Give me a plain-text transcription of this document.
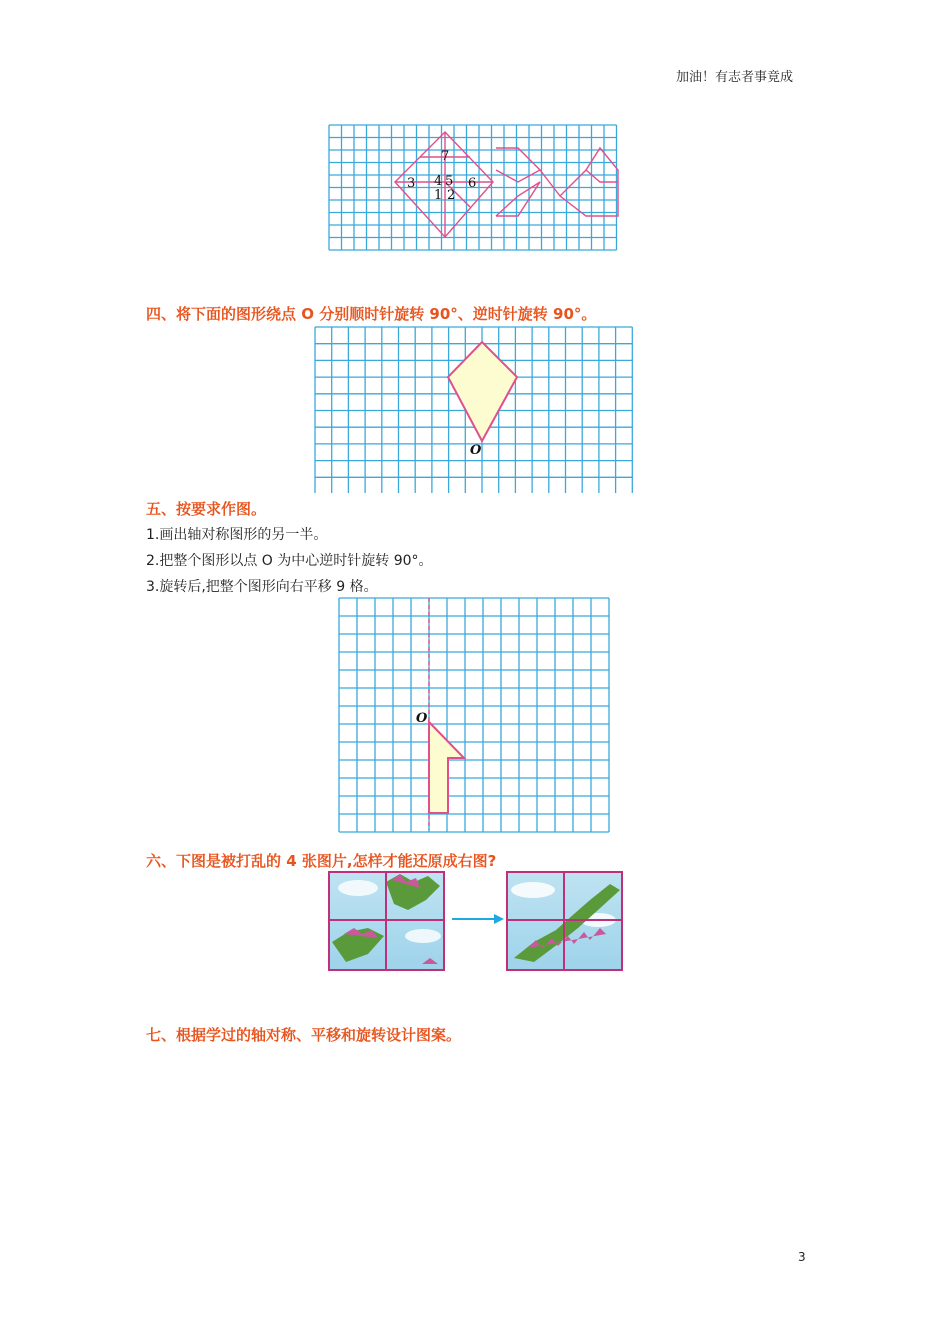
加油！有志者事竟成
7
3 4 5 6
1 2
四、将下面的图形绕点 O 分别顺时针旋转 90°、逆时针旋转 90°。
O
五、按要求作图。
1.画出轴对称图形的另一半。
2.把整个图形以点 O 为中心逆时针旋转 90°。
3.旋转后,把整个图形向右平移 9 格。
O
六、下图是被打乱的 4 张图片,怎样才能还原成右图?
七、根据学过的轴对称、平移和旋转设计图案。
3
